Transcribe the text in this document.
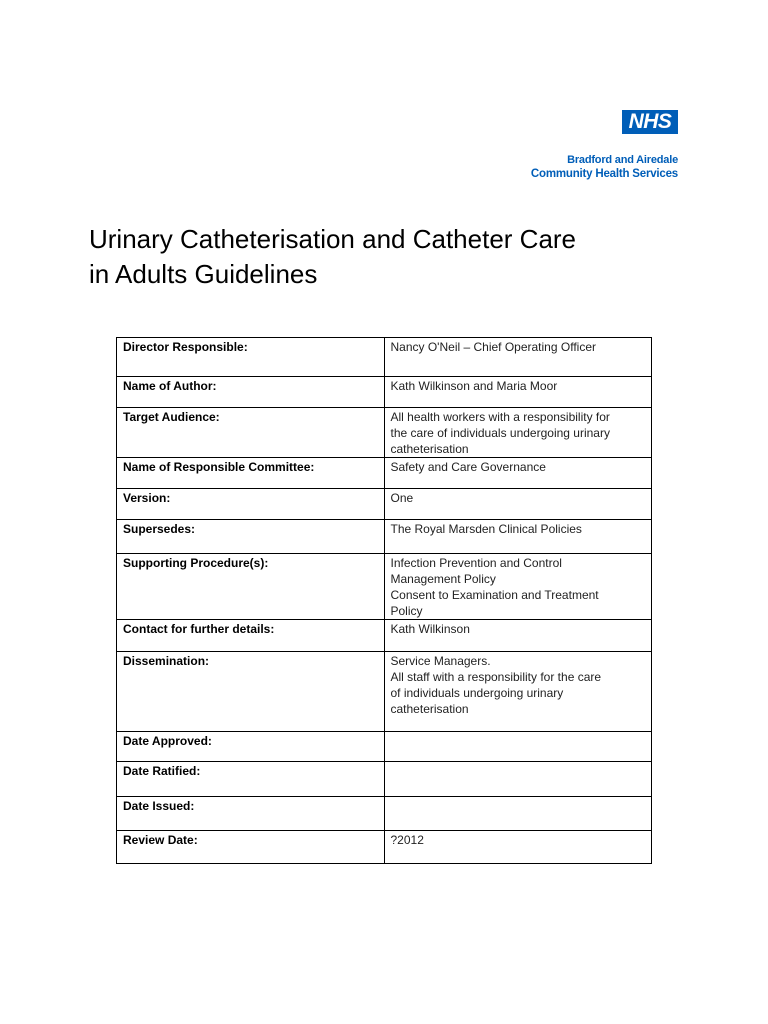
NHS
Bradford and Airedale
Community Health Services
Urinary Catheterisation and Catheter Care
in Adults Guidelines
Director Responsible:	Nancy O'Neil – Chief Operating Officer

Name of Author:	Kath Wilkinson and Maria Moor

Target Audience:	All health workers with a responsibility for
the care of individuals undergoing urinary
catheterisation

Name of Responsible Committee:	Safety and Care Governance

Version:	One

Supersedes:	The Royal Marsden Clinical Policies

Supporting Procedure(s):	Infection Prevention and Control
Management Policy
Consent to Examination and Treatment
Policy

Contact for further details:	Kath Wilkinson

Dissemination:	Service Managers.
All staff with a responsibility for the care
of individuals undergoing urinary
catheterisation

Date Approved:	
Date Ratified:	
Date Issued:	
Review Date:	?2012
